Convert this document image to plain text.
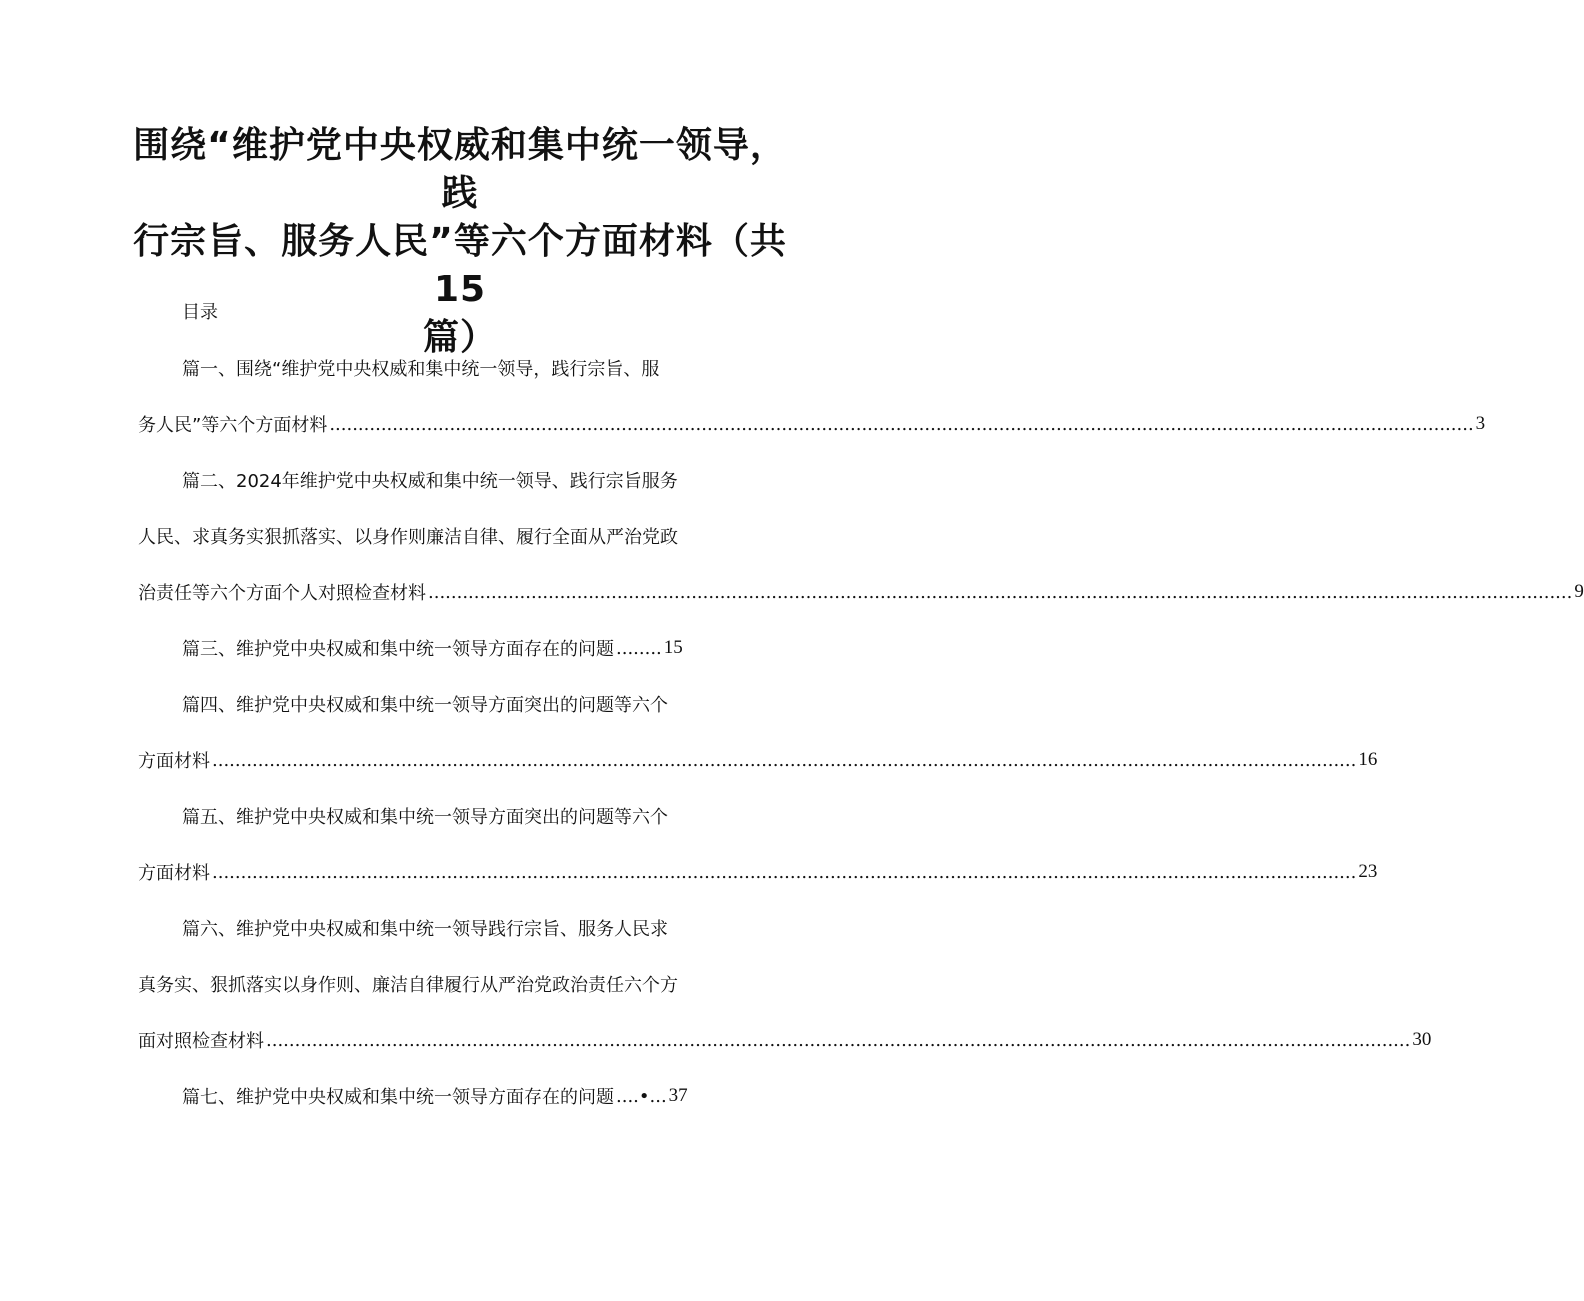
围绕“维护党中央权威和集中统一领导，践
行宗旨、服务人民”等六个方面材料（共15
篇）
目录
篇一、围绕“维护党中央权威和集中统一领导，践行宗旨、服
务人民”等六个方面材料 ........................................................................................................................................................................................................ 3
篇二、2024年维护党中央权威和集中统一领导、践行宗旨服务
人民、求真务实狠抓落实、以身作则廉洁自律、履行全面从严治党政
治责任等六个方面个人对照检查材料 ........................................................................................................................................................................................................ 9
篇三、维护党中央权威和集中统一领导方面存在的问题 ........ 15
篇四、维护党中央权威和集中统一领导方面突出的问题等六个
方面材料 ........................................................................................................................................................................................................ 16
篇五、维护党中央权威和集中统一领导方面突出的问题等六个
方面材料 ........................................................................................................................................................................................................ 23
篇六、维护党中央权威和集中统一领导践行宗旨、服务人民求
真务实、狠抓落实以身作则、廉洁自律履行从严治党政治责任六个方
面对照检查材料 ........................................................................................................................................................................................................ 30
篇七、维护党中央权威和集中统一领导方面存在的问题 ....•... 37
